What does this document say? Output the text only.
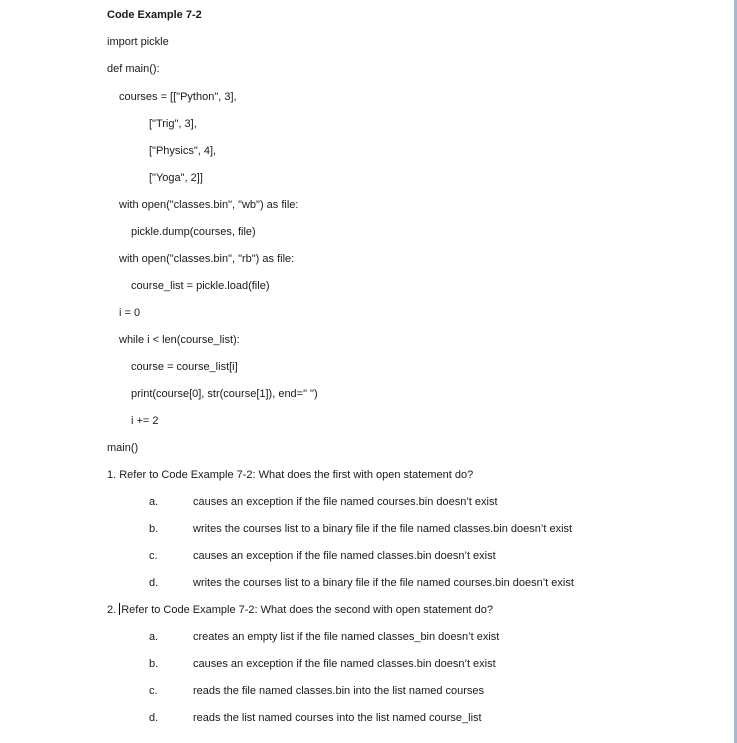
Code Example 7-2
import pickle
def main():
courses = [["Python", 3],
["Trig", 3],
["Physics", 4],
["Yoga", 2]]
with open("classes.bin", "wb") as file:
pickle.dump(courses, file)
with open("classes.bin", "rb") as file:
course_list = pickle.load(file)
i = 0
while i < len(course_list):
course = course_list[i]
print(course[0], str(course[1]), end=" ")
i += 2
main()
1. Refer to Code Example 7-2: What does the first with open statement do?
a.	causes an exception if the file named courses.bin doesn’t exist
b.	writes the courses list to a binary file if the file named classes.bin doesn’t exist
c.	causes an exception if the file named classes.bin doesn’t exist
d.	writes the courses list to a binary file if the file named courses.bin doesn’t exist
2. Refer to Code Example 7-2: What does the second with open statement do?
a.	creates an empty list if the file named classes_bin doesn’t exist
b.	causes an exception if the file named classes.bin doesn’t exist
c.	reads the file named classes.bin into the list named courses
d.	reads the list named courses into the list named course_list
